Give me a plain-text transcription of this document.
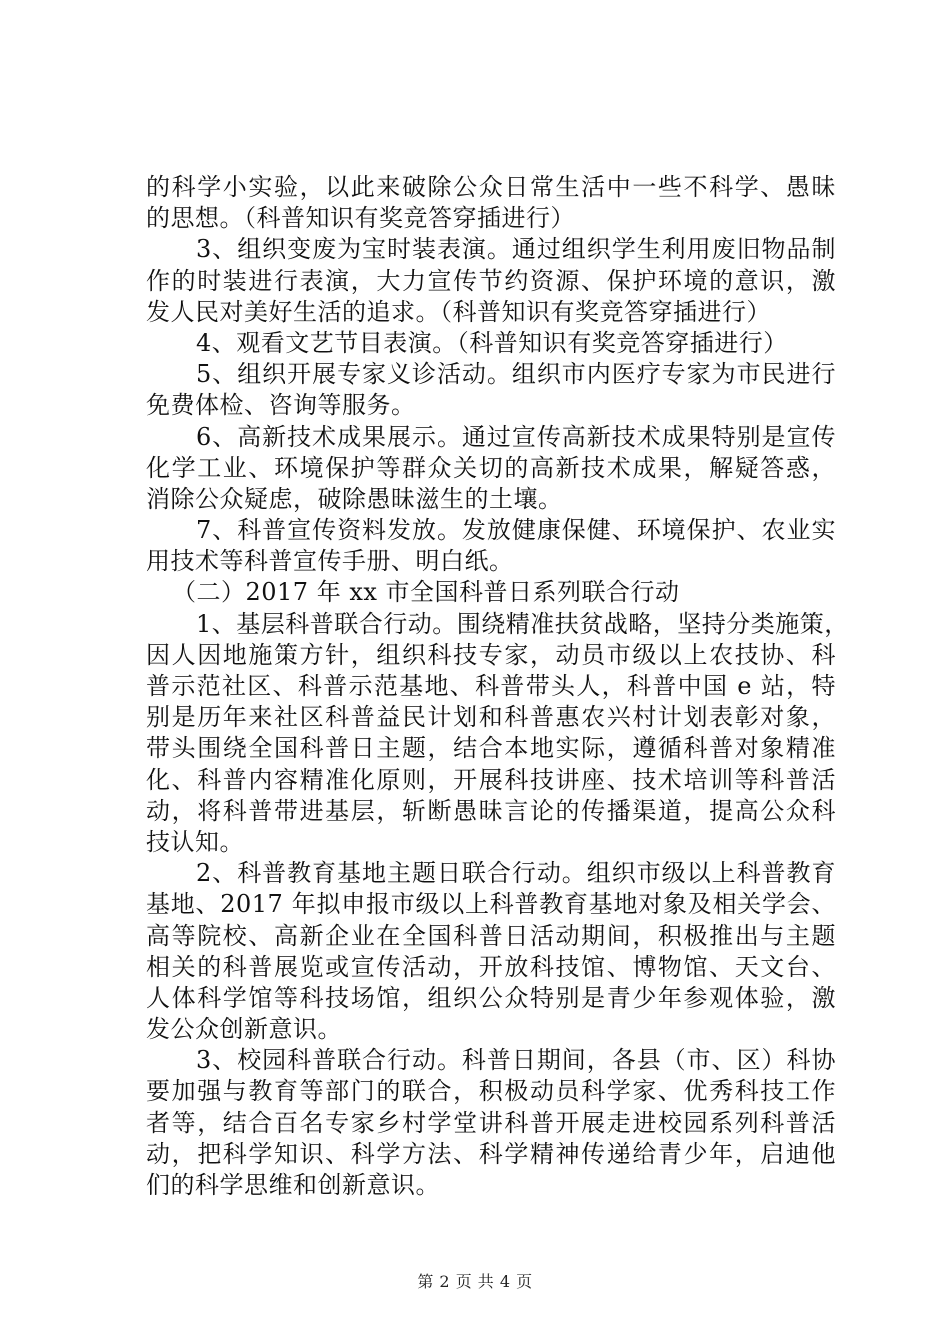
的科学小实验，以此来破除公众日常生活中一些不科学、愚昧
的思想。（科普知识有奖竞答穿插进行）
3、组织变废为宝时装表演。通过组织学生利用废旧物品制
作的时装进行表演，大力宣传节约资源、保护环境的意识，激
发人民对美好生活的追求。（科普知识有奖竞答穿插进行）
4、观看文艺节目表演。（科普知识有奖竞答穿插进行）
5、组织开展专家义诊活动。组织市内医疗专家为市民进行
免费体检、咨询等服务。
6、高新技术成果展示。通过宣传高新技术成果特别是宣传
化学工业、环境保护等群众关切的高新技术成果，解疑答惑，
消除公众疑虑，破除愚昧滋生的土壤。
7、科普宣传资料发放。发放健康保健、环境保护、农业实
用技术等科普宣传手册、明白纸。
（二）2017 年 xx 市全国科普日系列联合行动
1、基层科普联合行动。围绕精准扶贫战略，坚持分类施策，
因人因地施策方针，组织科技专家，动员市级以上农技协、科
普示范社区、科普示范基地、科普带头人，科普中国 e 站，特
别是历年来社区科普益民计划和科普惠农兴村计划表彰对象，
带头围绕全国科普日主题，结合本地实际，遵循科普对象精准
化、科普内容精准化原则，开展科技讲座、技术培训等科普活
动，将科普带进基层，斩断愚昧言论的传播渠道，提高公众科
技认知。
2、科普教育基地主题日联合行动。组织市级以上科普教育
基地、2017 年拟申报市级以上科普教育基地对象及相关学会、
高等院校、高新企业在全国科普日活动期间，积极推出与主题
相关的科普展览或宣传活动，开放科技馆、博物馆、天文台、
人体科学馆等科技场馆，组织公众特别是青少年参观体验，激
发公众创新意识。
3、校园科普联合行动。科普日期间，各县（市、区）科协
要加强与教育等部门的联合，积极动员科学家、优秀科技工作
者等，结合百名专家乡村学堂讲科普开展走进校园系列科普活
动，把科学知识、科学方法、科学精神传递给青少年，启迪他
们的科学思维和创新意识。
第 2 页 共 4 页
